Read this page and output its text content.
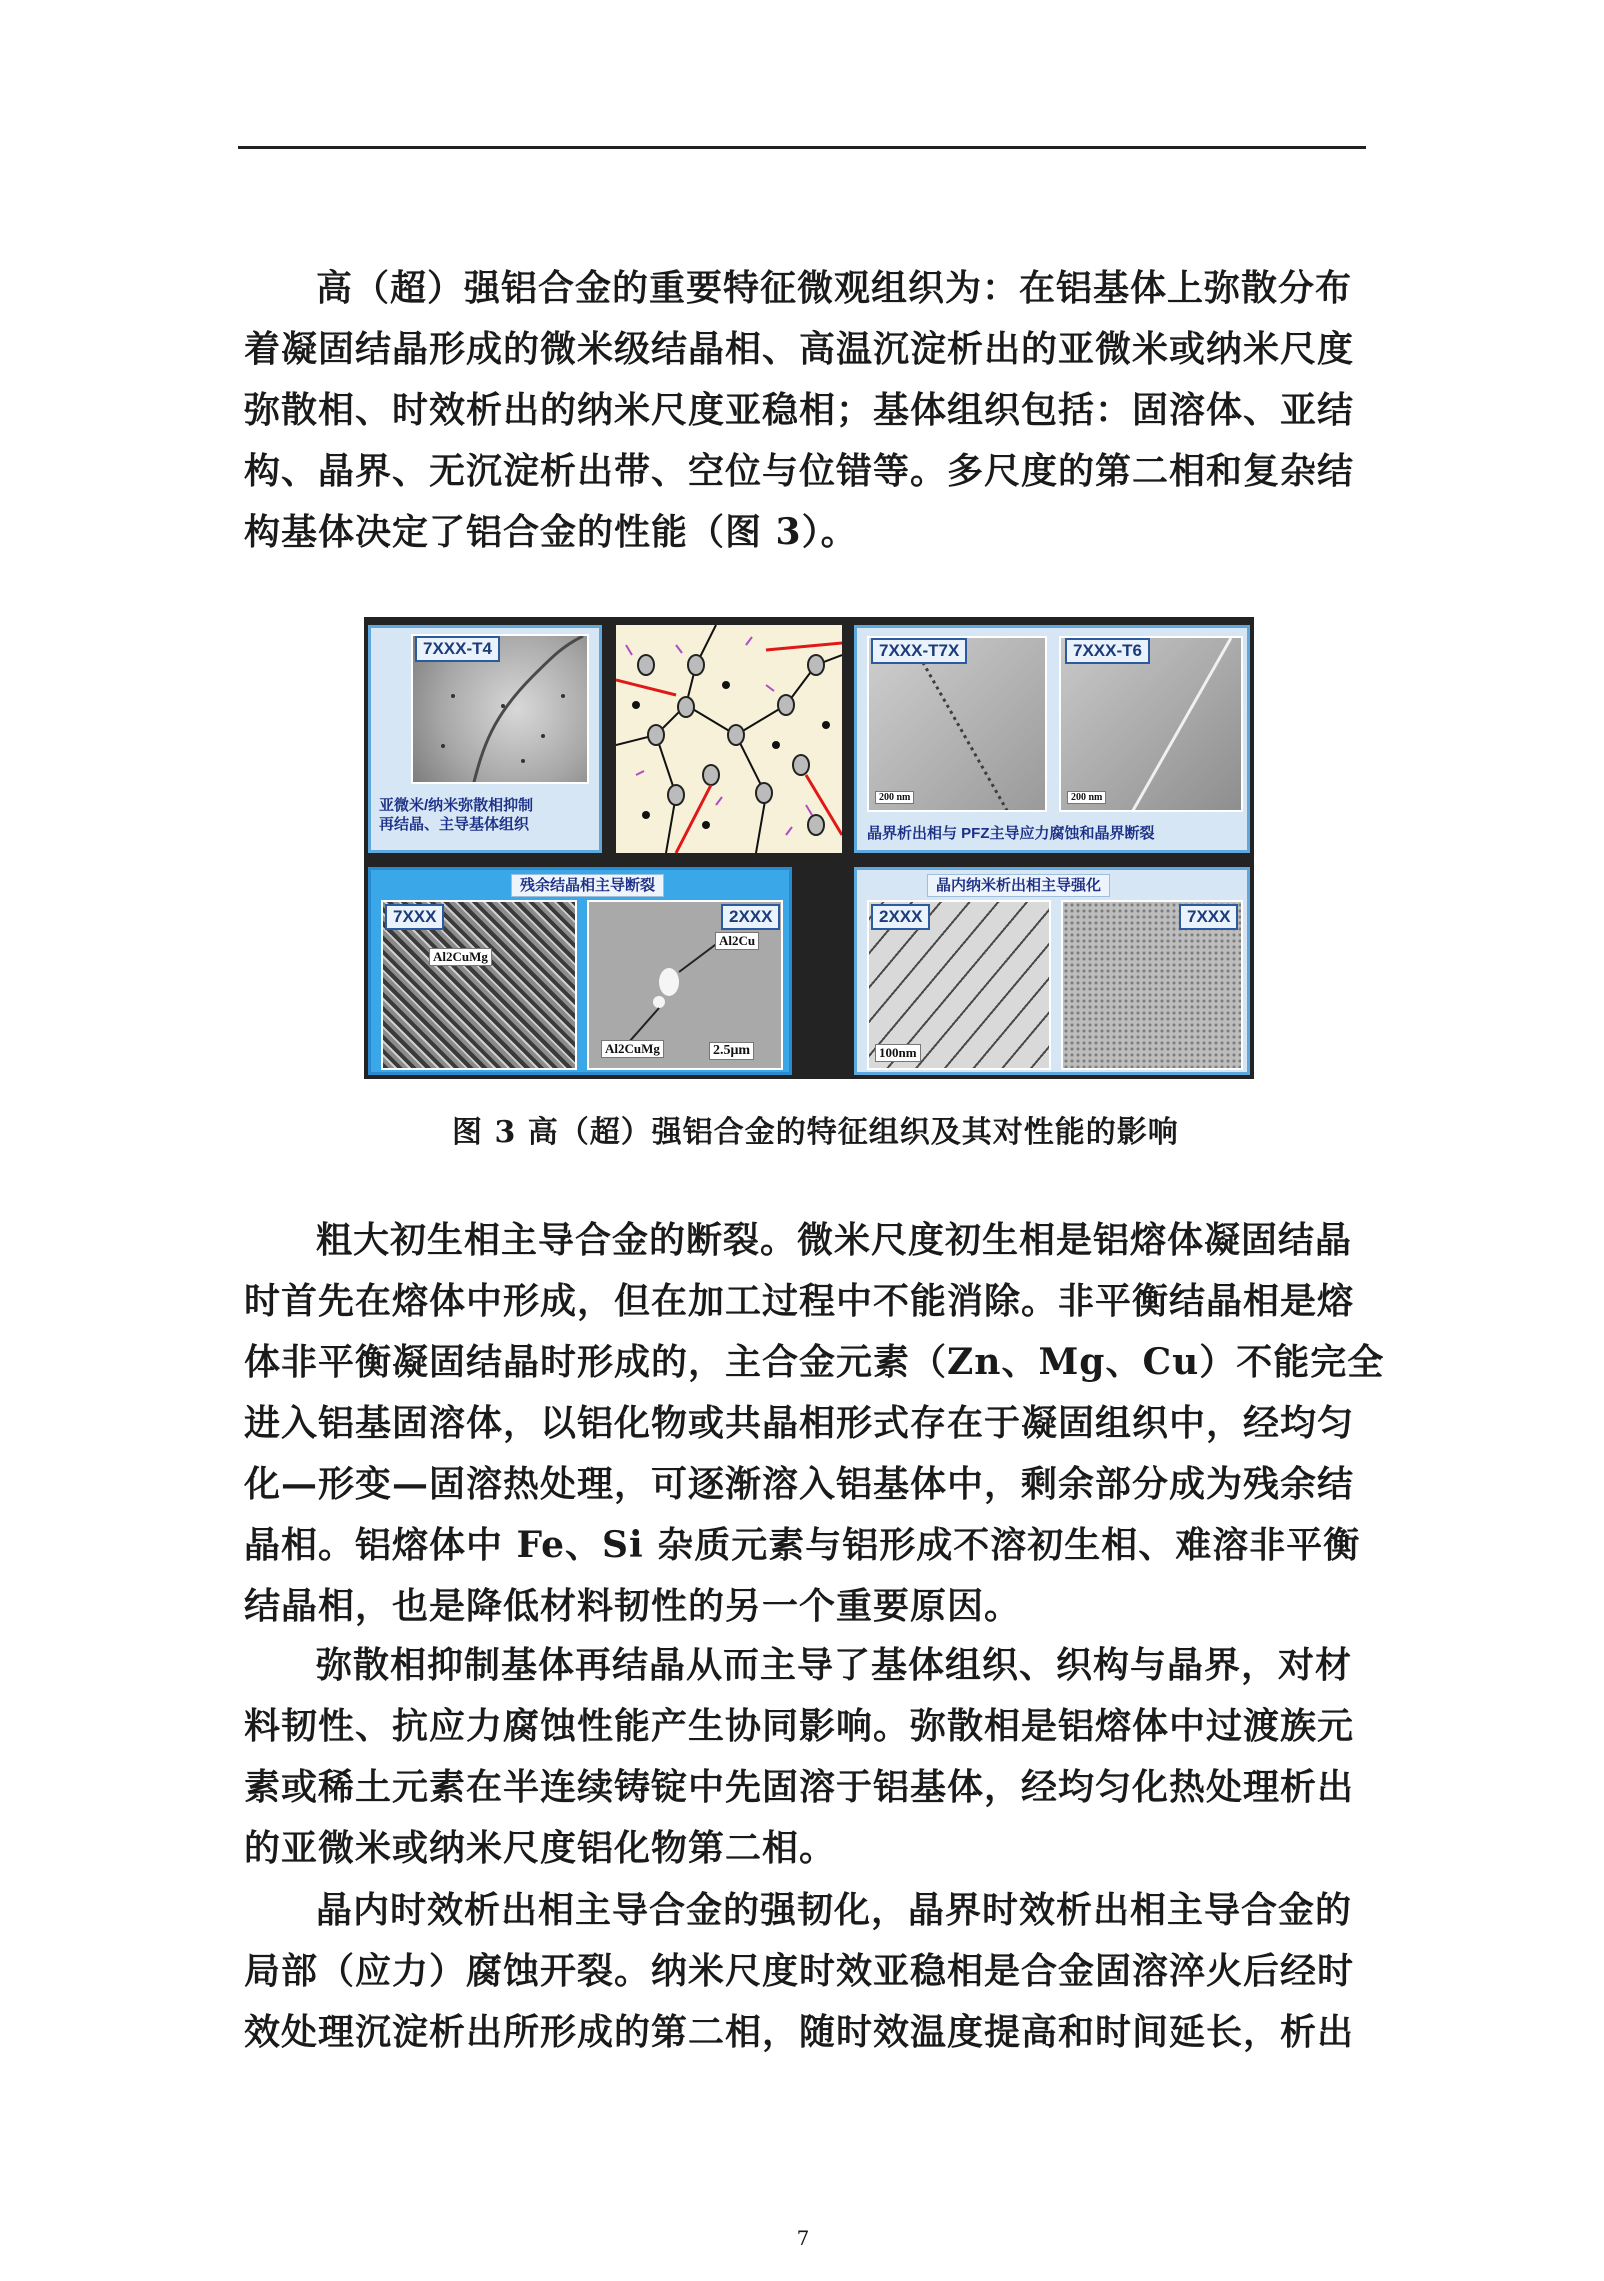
高（超）强铝合金的重要特征微观组织为：在铝基体上弥散分布
着凝固结晶形成的微米级结晶相、高温沉淀析出的亚微米或纳米尺度
弥散相、时效析出的纳米尺度亚稳相；基体组织包括：固溶体、亚结
构、晶界、无沉淀析出带、空位与位错等。多尺度的第二相和复杂结
构基体决定了铝合金的性能（图 3）。

7XXX-T4
亚微米/纳米弥散相抑制
再结晶、主导基体组织
200 nm
7XXX-T7X
200 nm
7XXX-T6
晶界析出相与 PFZ主导应力腐蚀和晶界断裂
残余结晶相主导断裂
Al2CuMg
7XXX
Al2Cu
Al2CuMg	2.5μm
2XXX
晶内纳米析出相主导强化
100nm
2XXX	7XXX
图 3 高（超）强铝合金的特征组织及其对性能的影响

粗大初生相主导合金的断裂。微米尺度初生相是铝熔体凝固结晶
时首先在熔体中形成，但在加工过程中不能消除。非平衡结晶相是熔
体非平衡凝固结晶时形成的，主合金元素（Zn、Mg、Cu）不能完全
进入铝基固溶体，以铝化物或共晶相形式存在于凝固组织中，经均匀
化—形变—固溶热处理，可逐渐溶入铝基体中，剩余部分成为残余结
晶相。铝熔体中 Fe、Si 杂质元素与铝形成不溶初生相、难溶非平衡
结晶相，也是降低材料韧性的另一个重要原因。

弥散相抑制基体再结晶从而主导了基体组织、织构与晶界，对材
料韧性、抗应力腐蚀性能产生协同影响。弥散相是铝熔体中过渡族元
素或稀土元素在半连续铸锭中先固溶于铝基体，经均匀化热处理析出
的亚微米或纳米尺度铝化物第二相。

晶内时效析出相主导合金的强韧化，晶界时效析出相主导合金的
局部（应力）腐蚀开裂。纳米尺度时效亚稳相是合金固溶淬火后经时
效处理沉淀析出所形成的第二相，随时效温度提高和时间延长，析出

7
